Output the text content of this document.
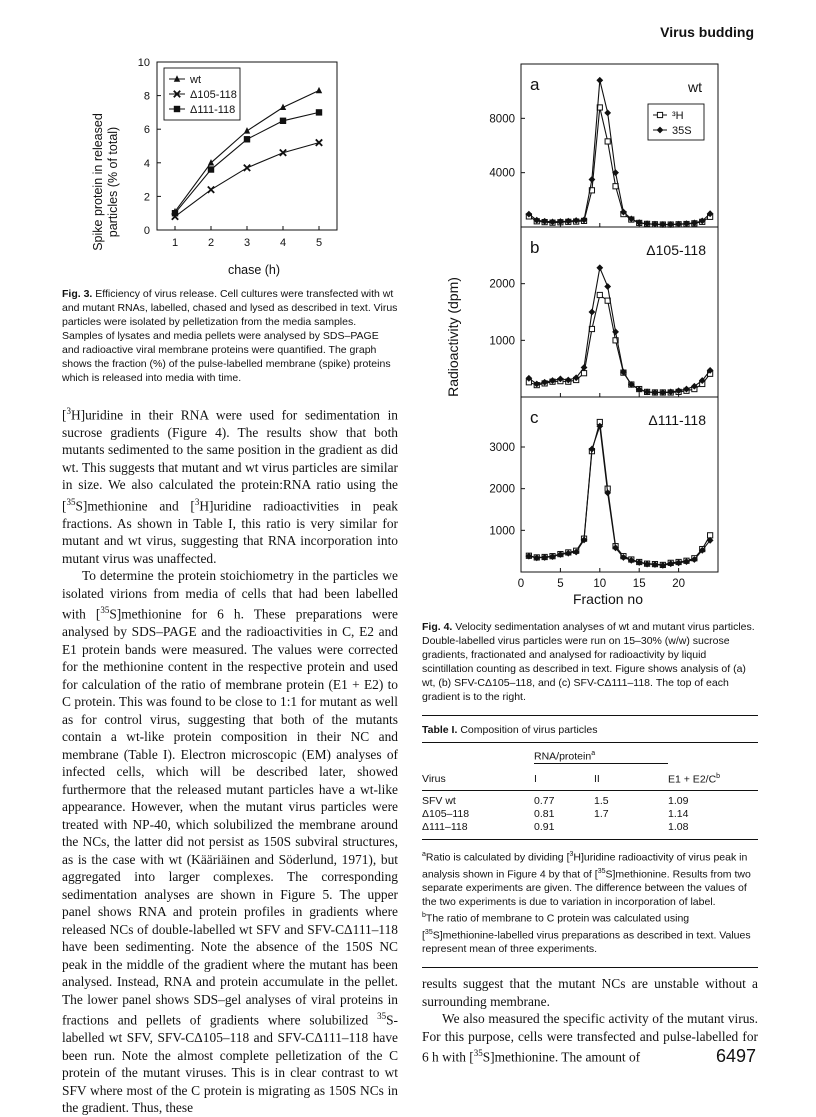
Virus budding
0
2
4
6
8
10
1	2	3	4	5
wt
Δ105-118
Δ111-118
Spike protein in released particles (% of total)
chase (h)
Fig. 3. Efficiency of virus release. Cell cultures were transfected with wt and mutant RNAs, labelled, chased and lysed as described in text. Virus particles were isolated by pelletization from the media samples. Samples of lysates and media pellets were analysed by SDS–PAGE and radioactive viral membrane proteins were quantified. The graph shows the fraction (%) of the pulse-labelled membrane (spike) proteins which is released into media with time.

[$^3$H]uridine in their RNA were used for sedimentation in sucrose gradients (Figure 4). The results show that both mutants sedimented to the same position in the gradient as did wt. This suggests that mutant and wt virus particles are similar in size. We also calculated the protein:RNA ratio using the [$^{35}$S]methionine and [$^3$H]uridine radioactivities in peak fractions. As shown in Table I, this ratio is very similar for mutant and wt virus, suggesting that RNA incorporation into mutant virus was unaffected.

To determine the protein stoichiometry in the particles we isolated virions from media of cells that had been labelled with [$^{35}$S]methionine for 6 h. These preparations were analysed by SDS–PAGE and the radioactivities in C, E2 and E1 protein bands were measured. The values were corrected for the methionine content in the respective protein and used for calculation of the ratio of membrane protein (E1 + E2) to C protein. This was found to be close to 1:1 for mutant as well as for control virus, suggesting that both of the mutants contain a wt-like protein composition in their NC and membrane (Table I). Electron microscopic (EM) analyses of infected cells, which will be described later, showed furthermore that the released mutant particles have a wt-like appearance. However, when the mutant virus particles were treated with NP-40, which solubilized the membrane around the NCs, the latter did not persist as 150S subviral structures, as is the case with wt (Kääriäinen and Söderlund, 1971), but aggregated into larger complexes. The corresponding sedimentation analyses are shown in Figure 5. The upper panel shows RNA and protein profiles in gradients where released NCs of double-labelled wt SFV and SFV-CΔ111–118 have been sedimenting. Note the absence of the 150S NC peak in the middle of the gradient where the mutant has been analysed. Instead, RNA and protein accumulate in the pellet. The lower panel shows SDS–gel analyses of viral proteins in fractions and pellets of gradients where solubilized $^{35}$S-labelled wt SFV, SFV-CΔ105–118 and SFV-CΔ111–118 have been run. Note the almost complete pelletization of the C protein of the mutant viruses. This is in clear contrast to wt SFV where most of the C protein is migrating as 150S NCs in the gradient. Thus, these

a	wt
4000
8000	³H
35S
b	Δ105-118
1000
2000
c	Δ111-118
1000
2000
3000
0	5	10 15 20
Radioactivity (dpm)
Fraction no
Fig. 4. Velocity sedimentation analyses of wt and mutant virus particles. Double-labelled virus particles were run on 15–30% (w/w) sucrose gradients, fractionated and analysed for radioactivity by liquid scintillation counting as described in text. Figure shows analysis of (a) wt, (b) SFV-CΔ105–118, and (c) SFV-CΔ111–118. The top of each gradient is to the right.
Table I. Composition of virus particles
	RNA/protein$^a$	
Virus	I	II	$E1 + E2/C^b$

SFV wt	0.77	1.5	1.09
Δ105–118	0.81	1.7	1.14
Δ111–118	0.91		1.08

$^a$Ratio is calculated by dividing [$^3$H]uridine radioactivity of virus peak in analysis shown in Figure 4 by that of [$^{35}$S]methionine. Results from two separate experiments are given. The difference between the values of the two experiments is due to variation in incorporation of label.
$^b$The ratio of membrane to C protein was calculated using [$^{35}$S]methionine-labelled virus preparations as described in text. Values represent mean of three experiments.

results suggest that the mutant NCs are unstable without a surrounding membrane.

We also measured the specific activity of the mutant virus. For this purpose, cells were transfected and pulse-labelled for 6 h with [$^{35}$S]methionine. The amount of	6497
